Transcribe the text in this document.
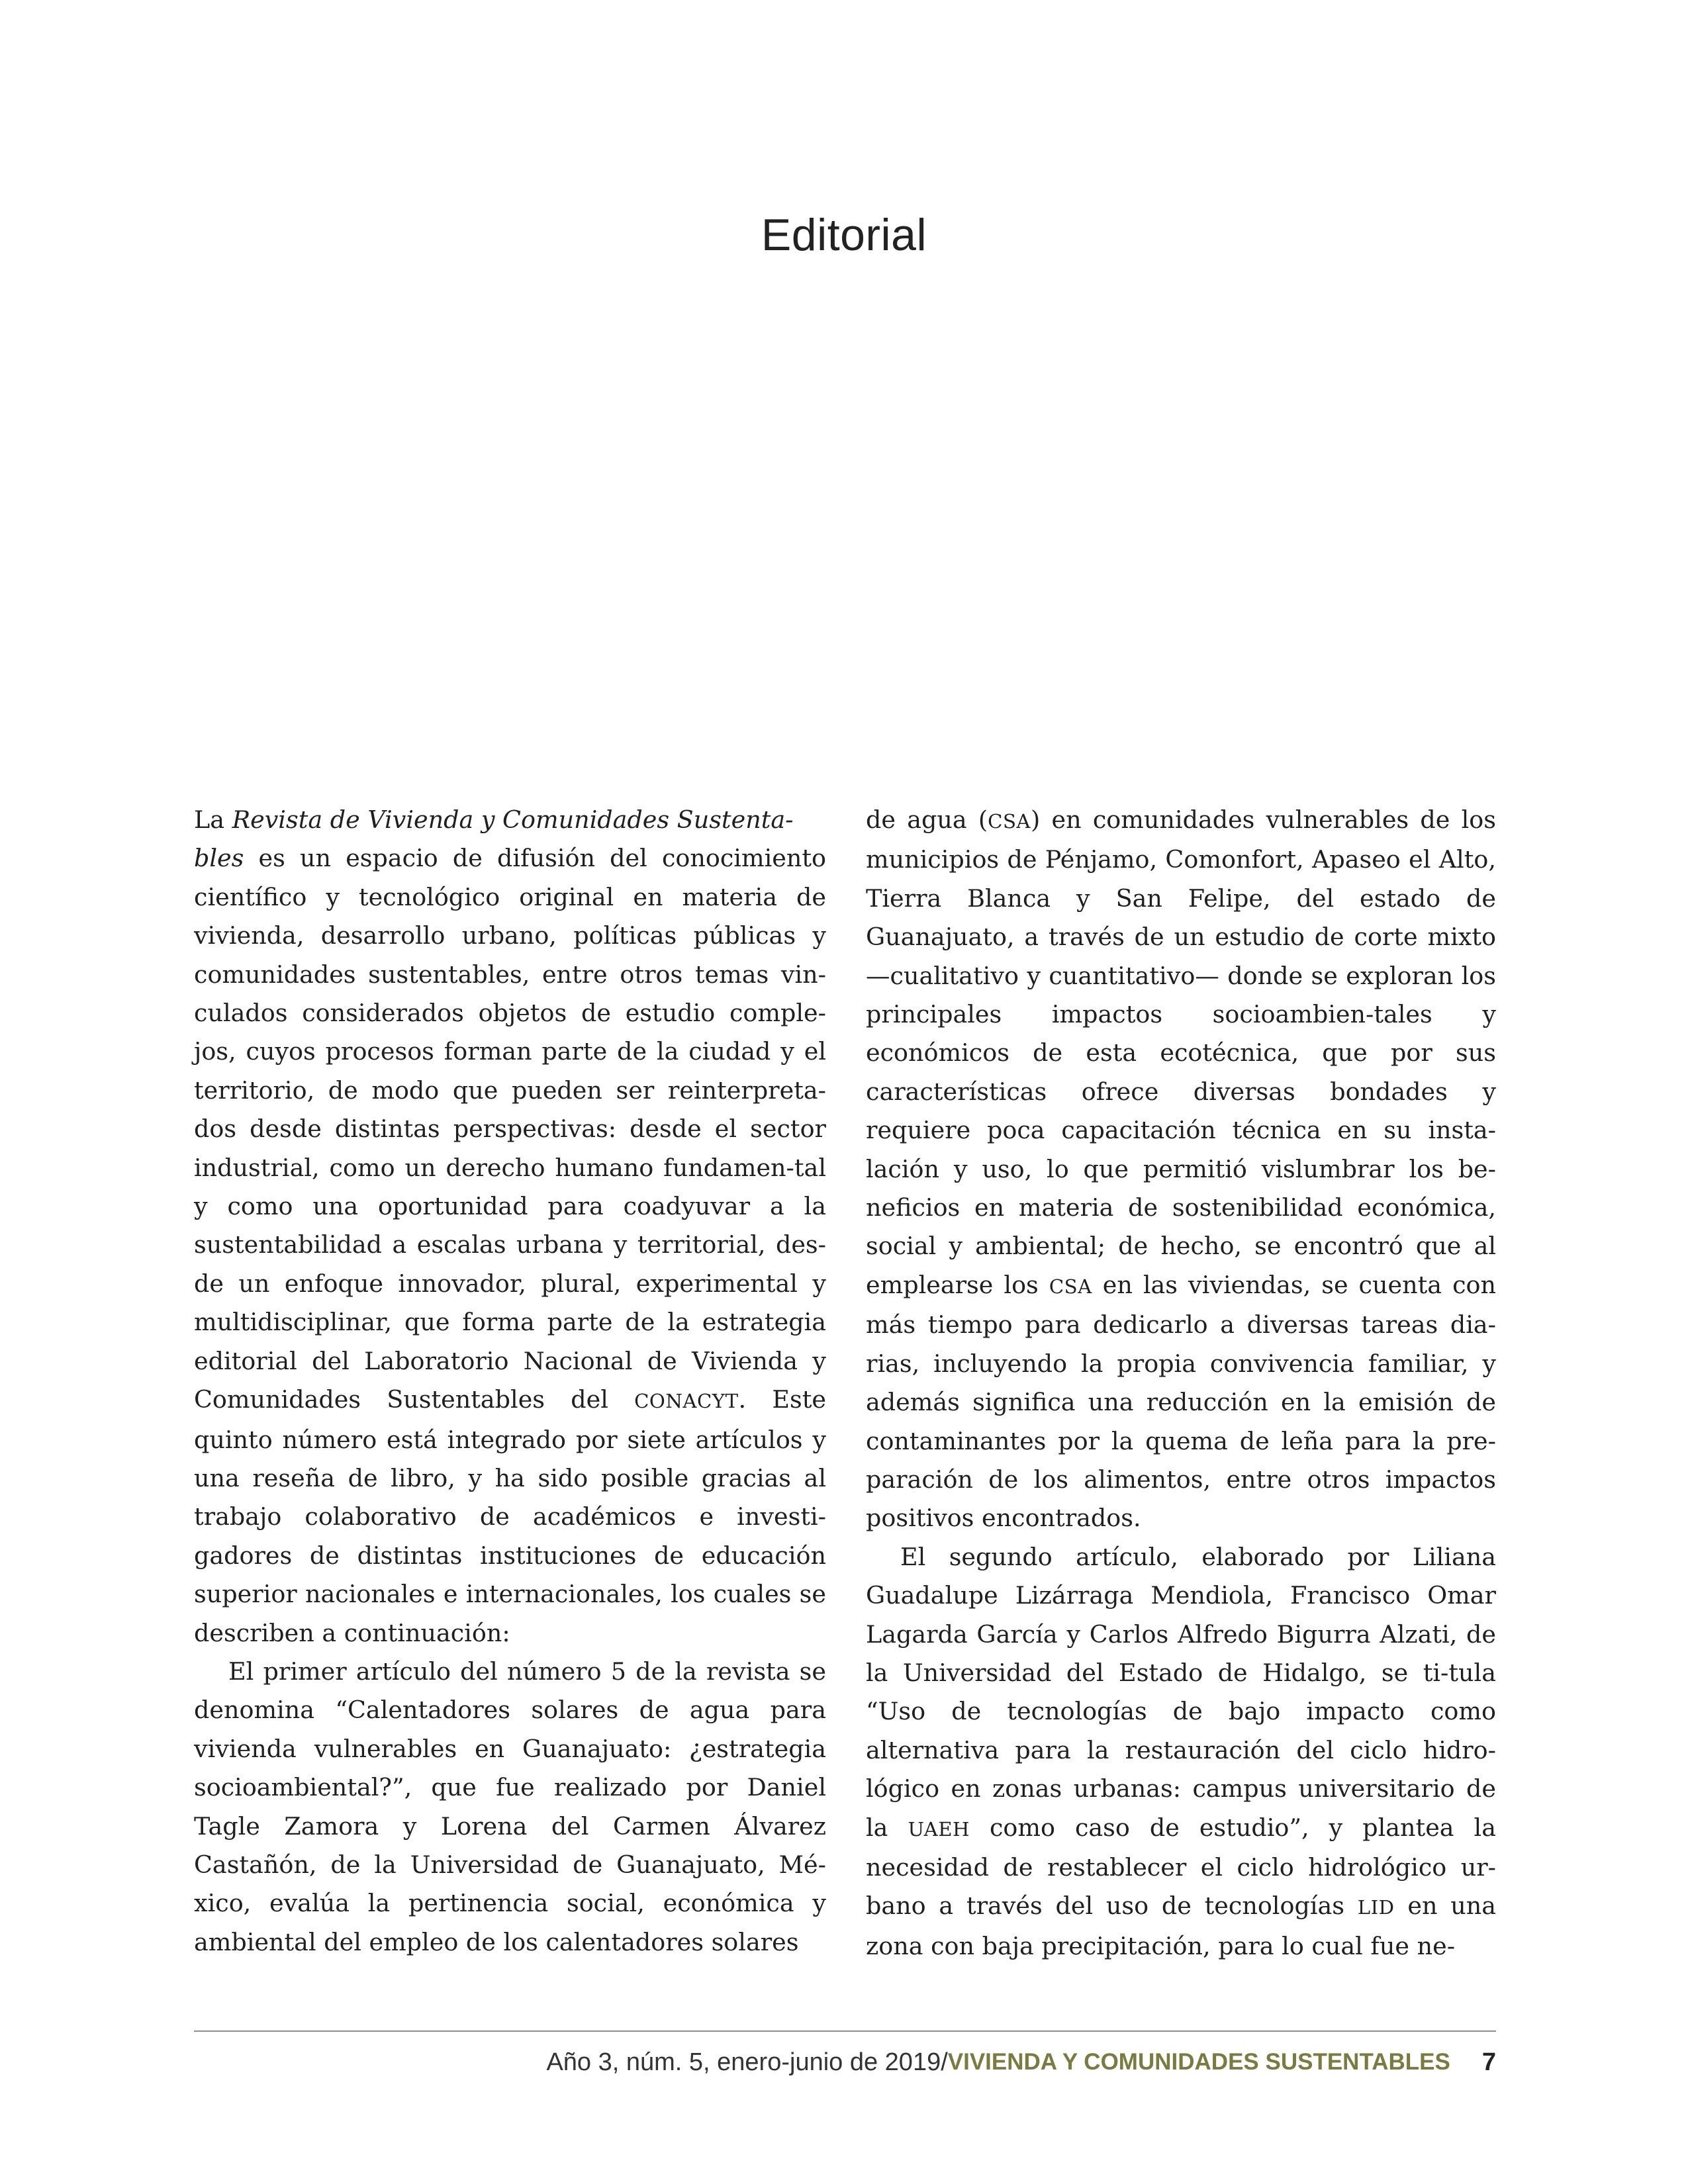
Editorial

La Revista de Vivienda y Comunidades Sustenta-
bles es un espacio de difusión del conocimiento científico y tecnológico original en materia de vivienda, desarrollo urbano, políticas públicas y comunidades sustentables, entre otros temas vin-culados considerados objetos de estudio comple-jos, cuyos procesos forman parte de la ciudad y el territorio, de modo que pueden ser reinterpreta-dos desde distintas perspectivas: desde el sector industrial, como un derecho humano fundamen-tal y como una oportunidad para coadyuvar a la sustentabilidad a escalas urbana y territorial, des-de un enfoque innovador, plural, experimental y multidisciplinar, que forma parte de la estrategia editorial del Laboratorio Nacional de Vivienda y Comunidades Sustentables del CONACYT. Este quinto número está integrado por siete artículos y una reseña de libro, y ha sido posible gracias al trabajo colaborativo de académicos e investi-gadores de distintas instituciones de educación superior nacionales e internacionales, los cuales se describen a continuación:

El primer artículo del número 5 de la revista se denomina “Calentadores solares de agua para vivienda vulnerables en Guanajuato: ¿estrategia socioambiental?”, que fue realizado por Daniel Tagle Zamora y Lorena del Carmen Álvarez Castañón, de la Universidad de Guanajuato, Mé-xico, evalúa la pertinencia social, económica y ambiental del empleo de los calentadores solares

de agua (CSA) en comunidades vulnerables de los municipios de Pénjamo, Comonfort, Apaseo el Alto, Tierra Blanca y San Felipe, del estado de Guanajuato, a través de un estudio de corte mixto —cualitativo y cuantitativo— donde se exploran los principales impactos socioambien-tales y económicos de esta ecotécnica, que por sus características ofrece diversas bondades y requiere poca capacitación técnica en su insta-lación y uso, lo que permitió vislumbrar los be-neficios en materia de sostenibilidad económica, social y ambiental; de hecho, se encontró que al emplearse los CSA en las viviendas, se cuenta con más tiempo para dedicarlo a diversas tareas dia-rias, incluyendo la propia convivencia familiar, y además significa una reducción en la emisión de contaminantes por la quema de leña para la pre-paración de los alimentos, entre otros impactos positivos encontrados.

El segundo artículo, elaborado por Liliana Guadalupe Lizárraga Mendiola, Francisco Omar Lagarda García y Carlos Alfredo Bigurra Alzati, de la Universidad del Estado de Hidalgo, se ti-tula “Uso de tecnologías de bajo impacto como alternativa para la restauración del ciclo hidro-lógico en zonas urbanas: campus universitario de la UAEH como caso de estudio”, y plantea la necesidad de restablecer el ciclo hidrológico ur-bano a través del uso de tecnologías LID en una zona con baja precipitación, para lo cual fue ne-

Año 3, núm. 5, enero-junio de 2019/ VIVIENDA Y COMUNIDADES SUSTENTABLES 7
